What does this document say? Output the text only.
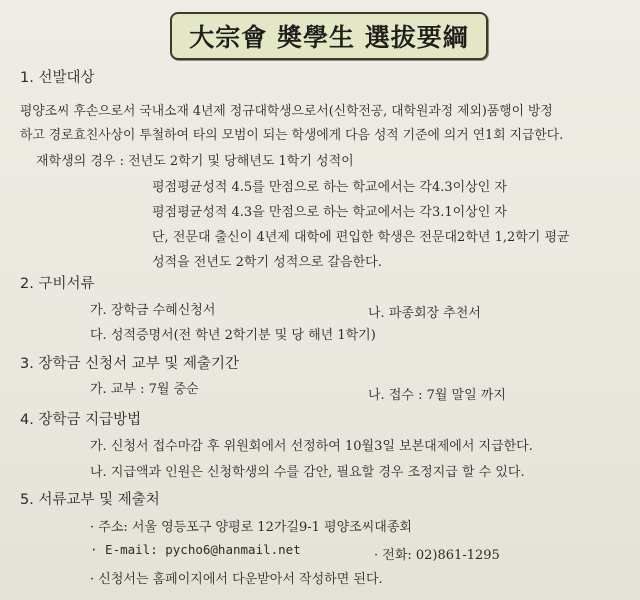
大宗會 奬學生 選拔要綱
1. 선발대상
평양조씨 후손으로서 국내소재 4년제 정규대학생으로서(신학전공, 대학원과정 제외)품행이 방정
하고 경로효친사상이 투철하여 타의 모범이 되는 학생에게 다음 성적 기준에 의거 연1회 지급한다.
재학생의 경우 : 전년도 2학기 및 당해년도 1학기 성적이
평점평균성적 4.5를 만점으로 하는 학교에서는 각4.3이상인 자
평점평균성적 4.3을 만점으로 하는 학교에서는 각3.1이상인 자
단, 전문대 출신이 4년제 대학에 편입한 학생은 전문대2학년 1,2학기 평균
성적을 전년도 2학기 성적으로 갈음한다.
2. 구비서류
가. 장학금 수혜신청서	나. 파종회장 추천서
다. 성적증명서(전 학년 2학기분 및 당 해년 1학기)
3. 장학금 신청서 교부 및 제출기간
가. 교부 : 7월 중순	나. 접수 : 7월 말일 까지
4. 장학금 지급방법
가. 신청서 접수마감 후 위원회에서 선정하여 10월3일 보본대제에서 지급한다.
나. 지급액과 인원은 신청학생의 수를 감안, 필요할 경우 조정지급 할 수 있다.
5. 서류교부 및 제출처
· 주소: 서울 영등포구 양평로 12가길9-1 평양조씨대종회
· E-mail: pycho6@hanmail.net	· 전화: 02)861-1295
· 신청서는 홈페이지에서 다운받아서 작성하면 된다.
